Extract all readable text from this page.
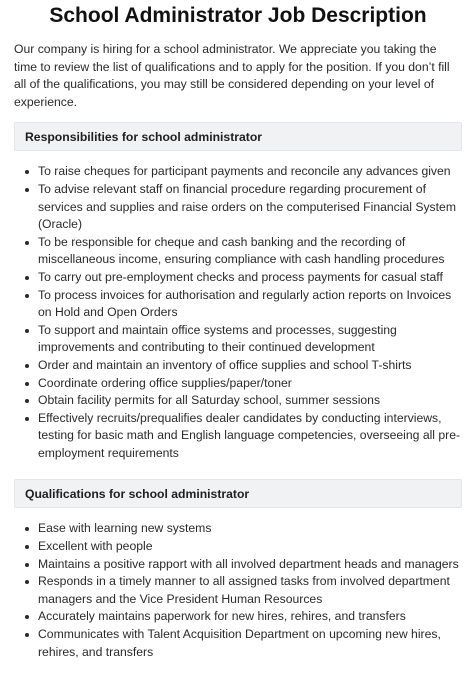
School Administrator Job Description

Our company is hiring for a school administrator. We appreciate you taking the time to review the list of qualifications and to apply for the position. If you don’t fill all of the qualifications, you may still be considered depending on your level of experience.

Responsibilities for school administrator
To raise cheques for participant payments and reconcile any advances given
To advise relevant staff on financial procedure regarding procurement of services and supplies and raise orders on the computerised Financial System (Oracle)
To be responsible for cheque and cash banking and the recording of miscellaneous income, ensuring compliance with cash handling procedures
To carry out pre-employment checks and process payments for casual staff
To process invoices for authorisation and regularly action reports on Invoices on Hold and Open Orders
To support and maintain office systems and processes, suggesting improvements and contributing to their continued development
Order and maintain an inventory of office supplies and school T-shirts
Coordinate ordering office supplies/paper/toner
Obtain facility permits for all Saturday school, summer sessions
Effectively recruits/prequalifies dealer candidates by conducting interviews, testing for basic math and English language competencies, overseeing all pre-employment requirements
Qualifications for school administrator
Ease with learning new systems
Excellent with people
Maintains a positive rapport with all involved department heads and managers
Responds in a timely manner to all assigned tasks from involved department managers and the Vice President Human Resources
Accurately maintains paperwork for new hires, rehires, and transfers
Communicates with Talent Acquisition Department on upcoming new hires, rehires, and transfers
